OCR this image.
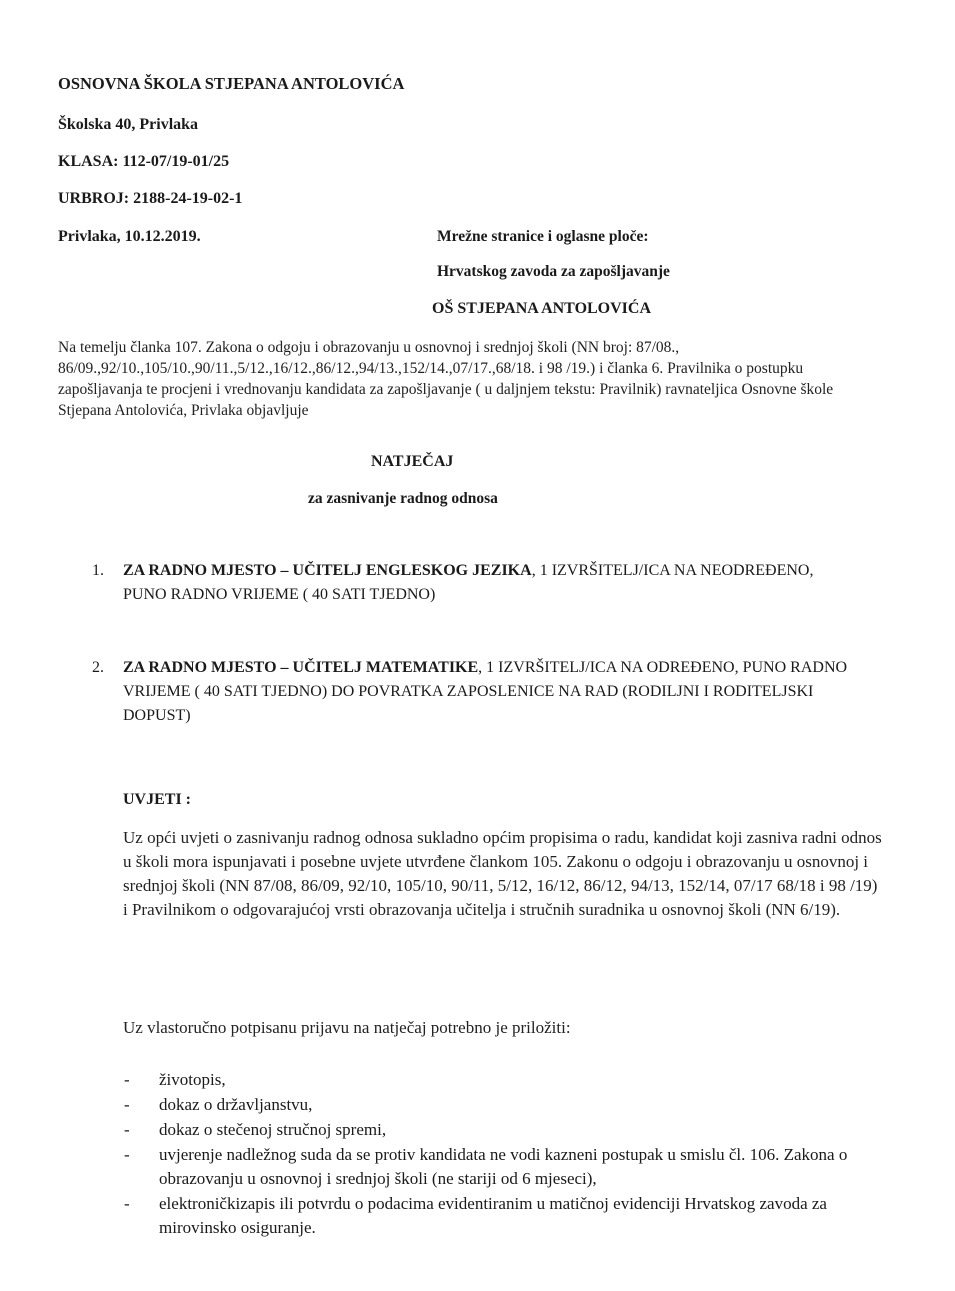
OSNOVNA ŠKOLA STJEPANA ANTOLOVIĆA
Školska 40, Privlaka
KLASA: 112-07/19-01/25
URBROJ: 2188-24-19-02-1
Privlaka, 10.12.2019.	Mrežne stranice i oglasne ploče:
Hrvatskog zavoda za zapošljavanje
OŠ STJEPANA ANTOLOVIĆA
Na temelju članka 107. Zakona o odgoju i obrazovanju u osnovnoj i srednjoj školi (NN broj: 87/08., 86/09.,92/10.,105/10.,90/11.,5/12.,16/12.,86/12.,94/13.,152/14.,07/17.,68/18. i 98 /19.) i članka 6. Pravilnika o postupku zapošljavanja te procjeni i vrednovanju kandidata za zapošljavanje ( u daljnjem tekstu: Pravilnik) ravnateljica Osnovne škole Stjepana Antolovića, Privlaka objavljuje
NATJEČAJ
za zasnivanje radnog odnosa
1.	ZA RADNO MJESTO – UČITELJ ENGLESKOG JEZIKA, 1 IZVRŠITELJ/ICA NA NEODREĐENO, PUNO RADNO VRIJEME ( 40 SATI TJEDNO)
2.	ZA RADNO MJESTO – UČITELJ MATEMATIKE, 1 IZVRŠITELJ/ICA NA ODREĐENO, PUNO RADNO VRIJEME ( 40 SATI TJEDNO) DO POVRATKA ZAPOSLENICE NA RAD (RODILJNI I RODITELJSKI DOPUST)
UVJETI :
Uz opći uvjeti o zasnivanju radnog odnosa sukladno općim propisima o radu, kandidat koji zasniva radni odnos u školi mora ispunjavati i posebne uvjete utvrđene člankom 105. Zakonu o odgoju i obrazovanju u osnovnoj i srednjoj školi (NN 87/08, 86/09, 92/10, 105/10, 90/11, 5/12, 16/12, 86/12, 94/13, 152/14, 07/17 68/18 i 98 /19) i Pravilnikom o odgovarajućoj vrsti obrazovanja učitelja i stručnih suradnika u osnovnoj školi (NN 6/19).
Uz vlastoručno potpisanu prijavu na natječaj potrebno je priložiti:
- životopis,
- dokaz o državljanstvu,
- dokaz o stečenoj stručnoj spremi,
- uvjerenje nadležnog suda da se protiv kandidata ne vodi kazneni postupak u smislu čl. 106. Zakona o obrazovanju u osnovnoj i srednjoj školi (ne stariji od 6 mjeseci),
- elektroničkizapis ili potvrdu o podacima evidentiranim u matičnoj evidenciji Hrvatskog zavoda za mirovinsko osiguranje.
